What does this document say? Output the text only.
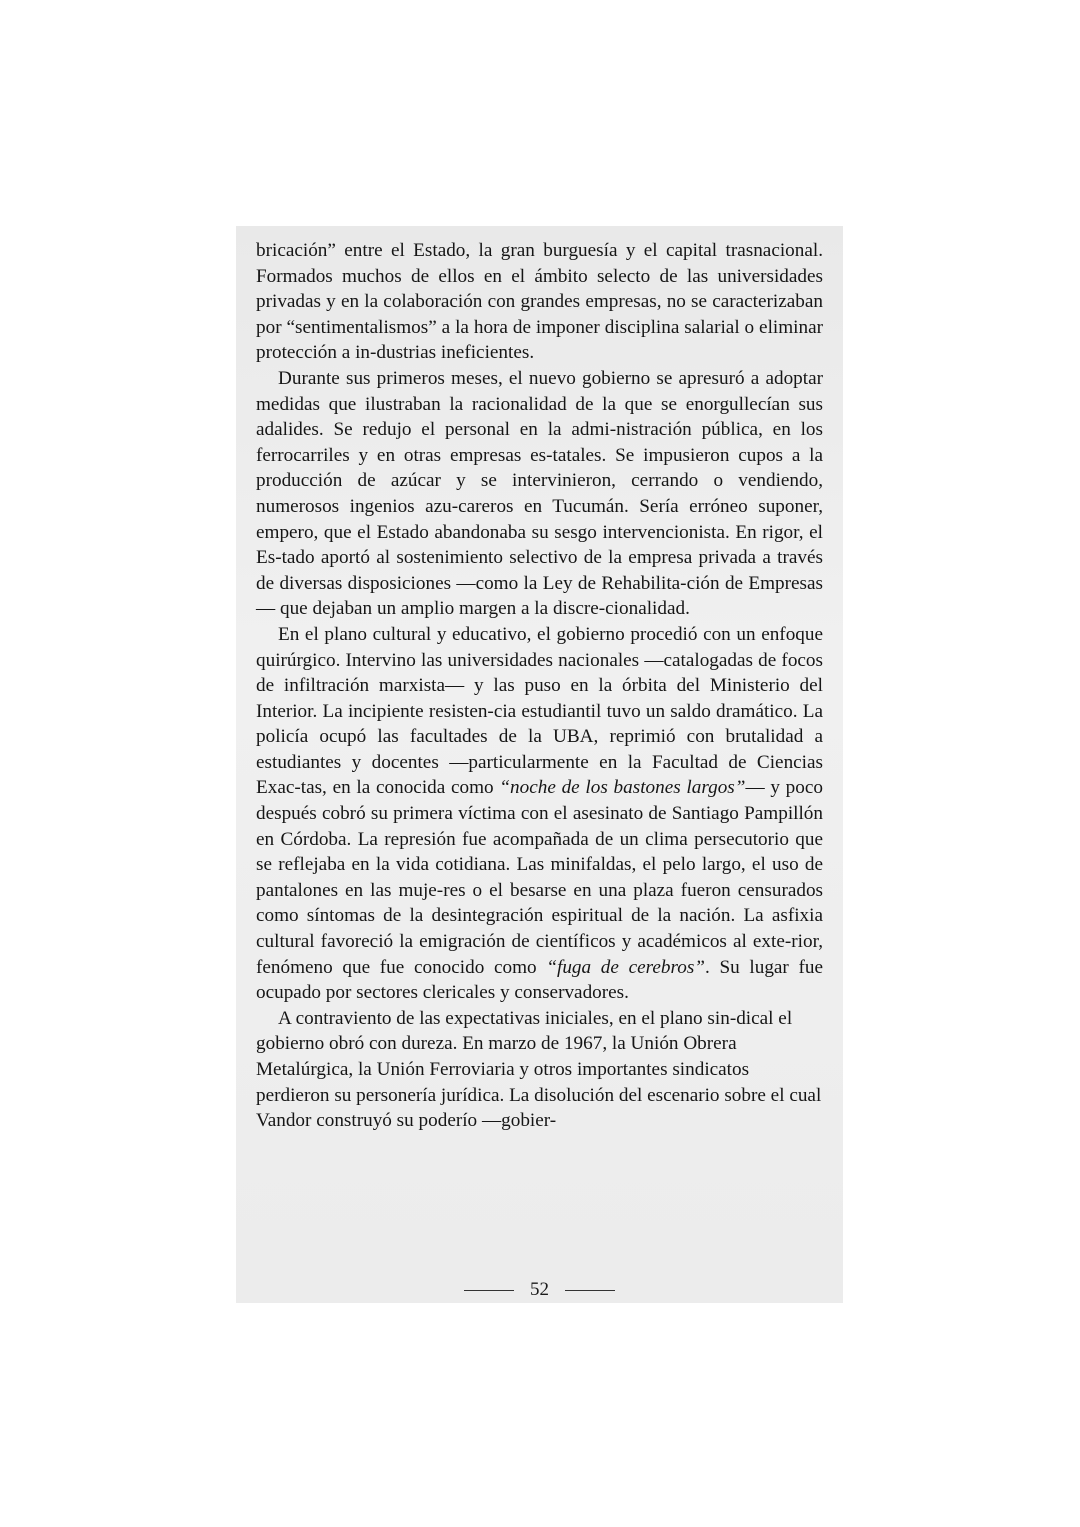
bricación” entre el Estado, la gran burguesía y el capital trasnacional. Formados muchos de ellos en el ámbito selecto de las universidades privadas y en la colaboración con grandes empresas, no se caracterizaban por “sentimentalismos” a la hora de imponer disciplina salarial o eliminar protección a in-dustrias ineficientes.

Durante sus primeros meses, el nuevo gobierno se apresuró a adoptar medidas que ilustraban la racionalidad de la que se enorgullecían sus adalides. Se redujo el personal en la admi-nistración pública, en los ferrocarriles y en otras empresas es-tatales. Se impusieron cupos a la producción de azúcar y se intervinieron, cerrando o vendiendo, numerosos ingenios azu-careros en Tucumán. Sería erróneo suponer, empero, que el Estado abandonaba su sesgo intervencionista. En rigor, el Es-tado aportó al sostenimiento selectivo de la empresa privada a través de diversas disposiciones —como la Ley de Rehabilita-ción de Empresas— que dejaban un amplio margen a la discre-cionalidad.

En el plano cultural y educativo, el gobierno procedió con un enfoque quirúrgico. Intervino las universidades nacionales —catalogadas de focos de infiltración marxista— y las puso en la órbita del Ministerio del Interior. La incipiente resisten-cia estudiantil tuvo un saldo dramático. La policía ocupó las facultades de la UBA, reprimió con brutalidad a estudiantes y docentes —particularmente en la Facultad de Ciencias Exac-tas, en la conocida como “noche de los bastones largos”— y poco después cobró su primera víctima con el asesinato de Santiago Pampillón en Córdoba. La represión fue acompañada de un clima persecutorio que se reflejaba en la vida cotidiana. Las minifaldas, el pelo largo, el uso de pantalones en las muje-res o el besarse en una plaza fueron censurados como síntomas de la desintegración espiritual de la nación. La asfixia cultural favoreció la emigración de científicos y académicos al exte-rior, fenómeno que fue conocido como “fuga de cerebros”. Su lugar fue ocupado por sectores clericales y conservadores.

A contraviento de las expectativas iniciales, en el plano sin-dical el gobierno obró con dureza. En marzo de 1967, la Unión Obrera Metalúrgica, la Unión Ferroviaria y otros importantes sindicatos perdieron su personería jurídica. La disolución del escenario sobre el cual Vandor construyó su poderío —gobier-

52
